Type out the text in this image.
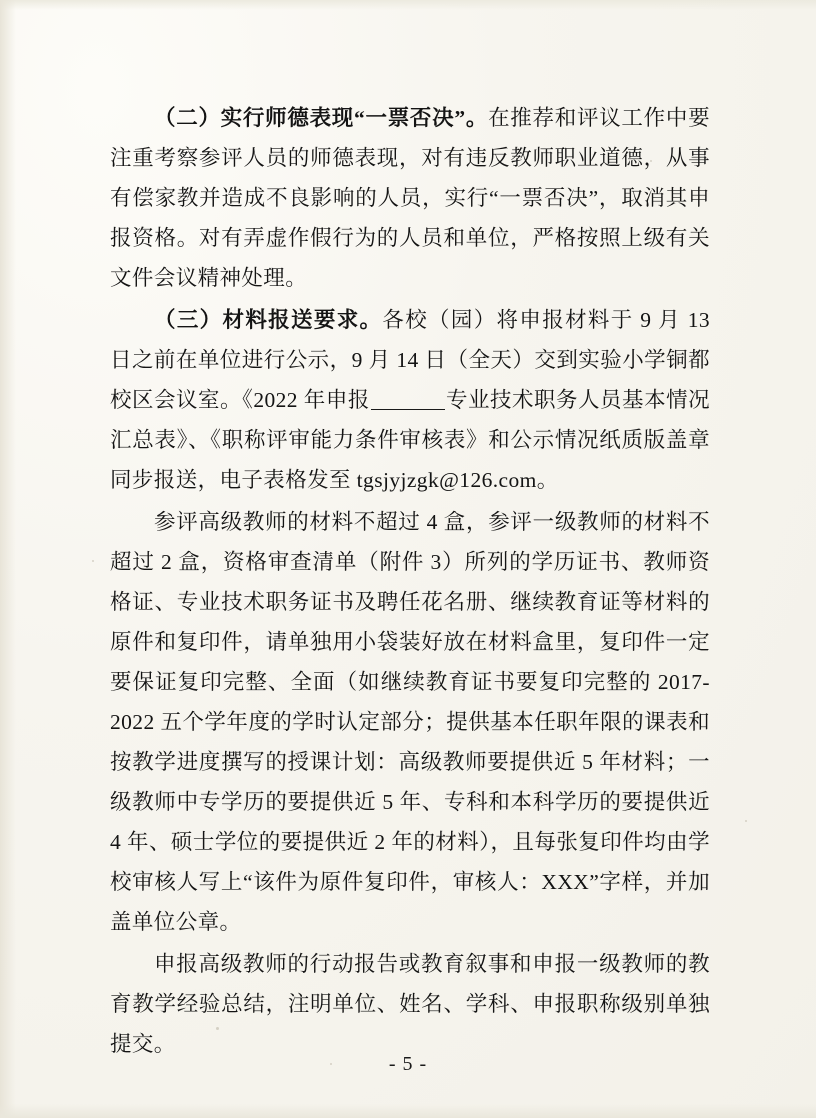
（二）实行师德表现“一票否决”。在推荐和评议工作中要注重考察参评人员的师德表现，对有违反教师职业道德，从事有偿家教并造成不良影响的人员，实行“一票否决”，取消其申报资格。对有弄虚作假行为的人员和单位，严格按照上级有关文件会议精神处理。

（三）材料报送要求。各校（园）将申报材料于 9 月 13 日之前在单位进行公示，9 月 14 日（全天）交到实验小学铜都校区会议室。《2022 年申报	专业技术职务人员基本情况汇总表》、《职称评审能力条件审核表》和公示情况纸质版盖章同步报送，电子表格发至 tgsjyjzgk@126.com。

参评高级教师的材料不超过 4 盒，参评一级教师的材料不超过 2 盒，资格审查清单（附件 3）所列的学历证书、教师资格证、专业技术职务证书及聘任花名册、继续教育证等材料的原件和复印件，请单独用小袋装好放在材料盒里，复印件一定要保证复印完整、全面（如继续教育证书要复印完整的 2017-2022 五个学年度的学时认定部分；提供基本任职年限的课表和按教学进度撰写的授课计划：高级教师要提供近 5 年材料；一级教师中专学历的要提供近 5 年、专科和本科学历的要提供近 4 年、硕士学位的要提供近 2 年的材料），且每张复印件均由学校审核人写上“该件为原件复印件，审核人：XXX”字样，并加盖单位公章。

申报高级教师的行动报告或教育叙事和申报一级教师的教育教学经验总结，注明单位、姓名、学科、申报职称级别单独提交。

- 5 -
